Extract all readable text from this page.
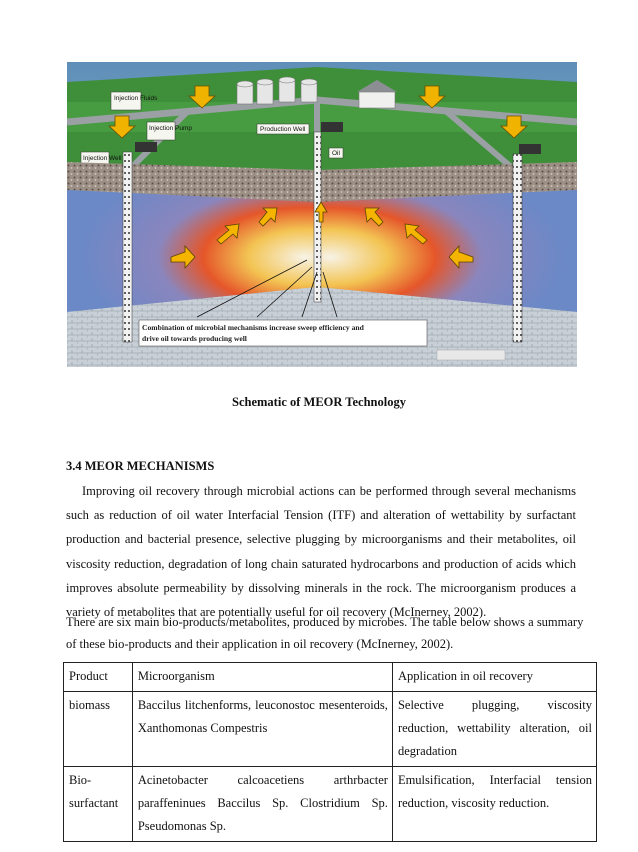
Injection Fluids
Injection Pump
Injection Well
Production Well
Oil
Combination of microbial mechanisms increase sweep efficiency and
drive oil towards producing well
Schematic of MEOR Technology
3.4 MEOR MECHANISMS

Improving oil recovery through microbial actions can be performed through several mechanisms such as reduction of oil water Interfacial Tension (ITF) and alteration of wettability by surfactant production and bacterial presence, selective plugging by microorganisms and their metabolites, oil viscosity reduction, degradation of long chain saturated hydrocarbons and production of acids which improves absolute permeability by dissolving minerals in the rock. The microorganism produces a variety of metabolites that are potentially useful for oil recovery (McInerney, 2002).

There are six main bio-products/metabolites, produced by microbes. The table below shows a summary of these bio-products and their application in oil recovery (McInerney, 2002).

Product	Microorganism	Application in oil recovery
biomass	Baccilus litchenforms, leuconostoc mesenteroids, Xanthomonas Compestris	Selective plugging, viscosity reduction, wettability alteration, oil degradation
Bio-surfactant	Acinetobacter calcoacetiens arthrbacter paraffeninues Baccilus Sp. Clostridium Sp. Pseudomonas Sp.	Emulsification, Interfacial tension reduction, viscosity reduction.
